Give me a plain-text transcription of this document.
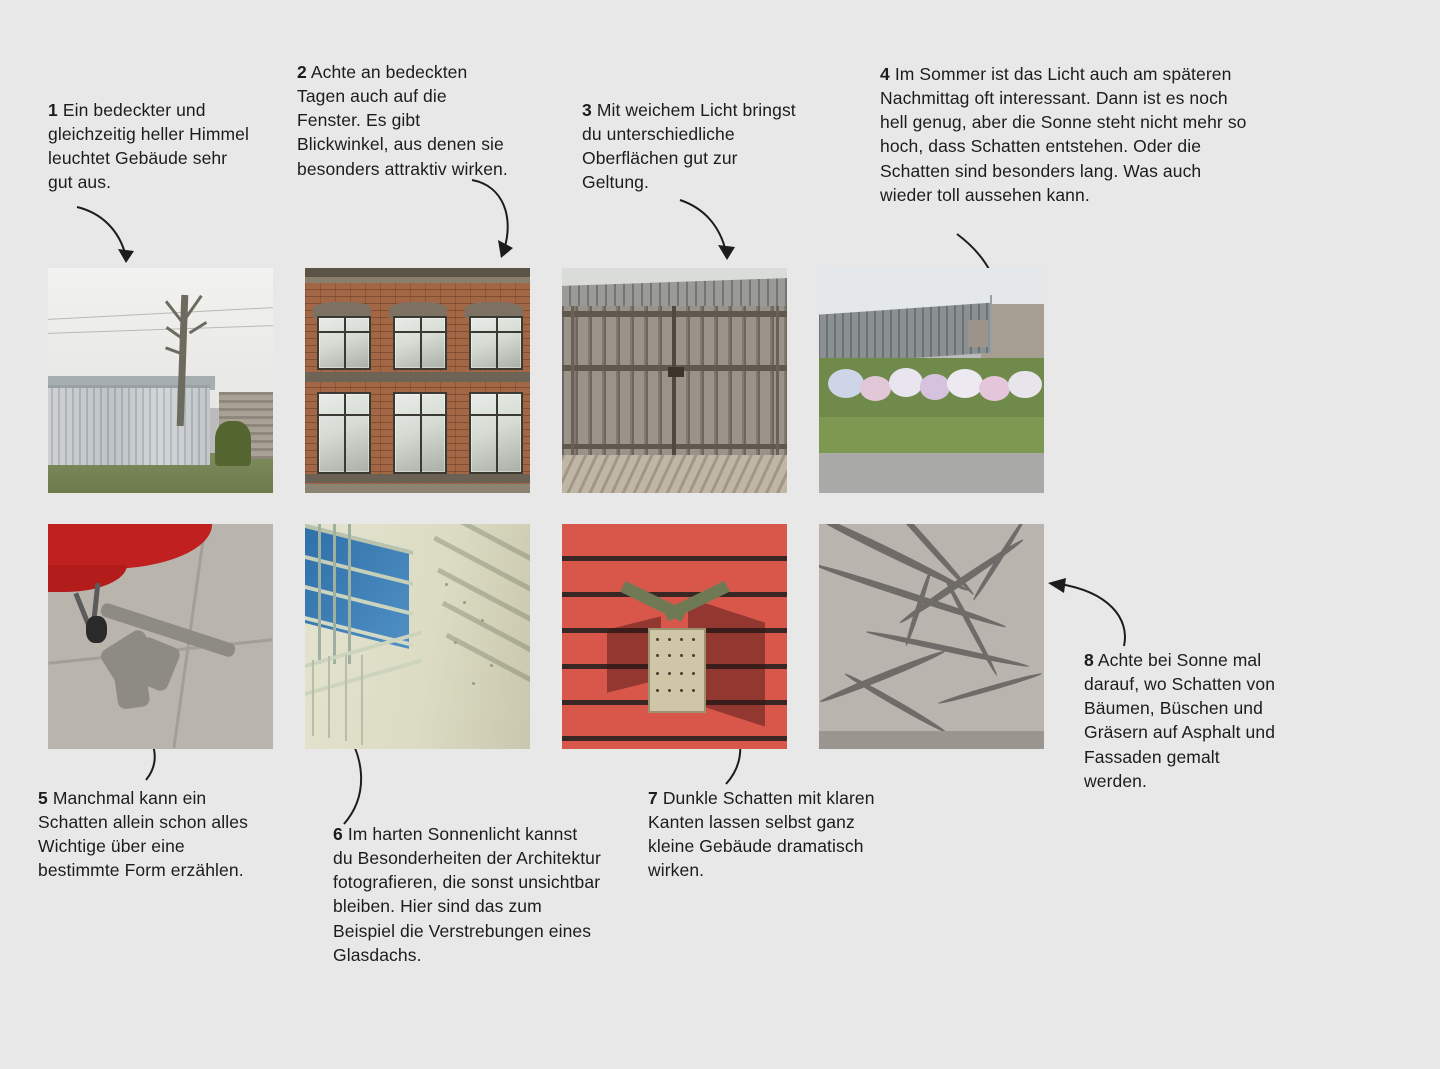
1 Ein bedeckter und gleichzeitig heller Himmel leuchtet Gebäude sehr gut aus.
2 Achte an bedeckten Tagen auch auf die Fenster. Es gibt Blickwinkel, aus denen sie besonders attraktiv wirken.
3 Mit weichem Licht bringst du unterschiedliche Oberflächen gut zur Geltung.
4 Im Sommer ist das Licht auch am späteren Nachmittag oft interessant. Dann ist es noch hell genug, aber die Sonne steht nicht mehr so hoch, dass Schatten entstehen. Oder die Schatten sind besonders lang. Was auch wieder toll aussehen kann.
5 Manchmal kann ein Schatten allein schon alles Wichtige über eine bestimmte Form erzählen.
6 Im harten Sonnenlicht kannst du Besonderheiten der Architektur fotografieren, die sonst unsichtbar bleiben. Hier sind das zum Beispiel die Verstrebungen eines Glasdachs.
7 Dunkle Schatten mit klaren Kanten lassen selbst ganz kleine Gebäude dramatisch wirken.
8 Achte bei Sonne mal darauf, wo Schatten von Bäumen, Büschen und Gräsern auf Asphalt und Fassaden gemalt werden.
